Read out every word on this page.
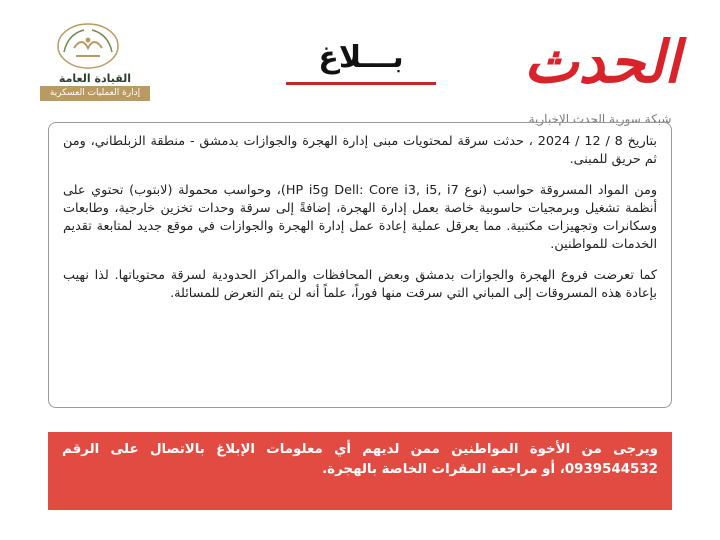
القيادة العامة
إدارة العمليات العسكرية
بـــلاغ	الحدث
شبكة سورية الحدث الإخبارية

بتاريخ 8 / 12 / 2024 ، حدثت سرقة لمحتويات مبنى إدارة الهجرة والجوازات بدمشق - منطقة الزبلطاني، ومن ثم حريق للمبنى.

ومن المواد المسروقة حواسب (نوع HP i5g Dell: Core i3, i5, i7)، وحواسب محمولة (لابتوب) تحتوي على أنظمة تشغيل وبرمجيات حاسوبية خاصة بعمل إدارة الهجرة، إضافةً إلى سرقة وحدات تخزين خارجية، وطابعات وسكانرات وتجهيزات مكتبية. مما يعرقل عملية إعادة عمل إدارة الهجرة والجوازات في موقع جديد لمتابعة تقديم الخدمات للمواطنين.

كما تعرضت فروع الهجرة والجوازات بدمشق وبعض المحافظات والمراكز الحدودية لسرقة محتوياتها. لذا نهيب بإعادة هذه المسروقات إلى المباني التي سرقت منها فوراً، علماً أنه لن يتم التعرض للمسائلة.

ويرجى من الأخوة المواطنين ممن لديهم أي معلومات الإبلاغ بالاتصال على الرقم 0939544532، أو مراجعة المقرات الخاصة بالهجرة.
